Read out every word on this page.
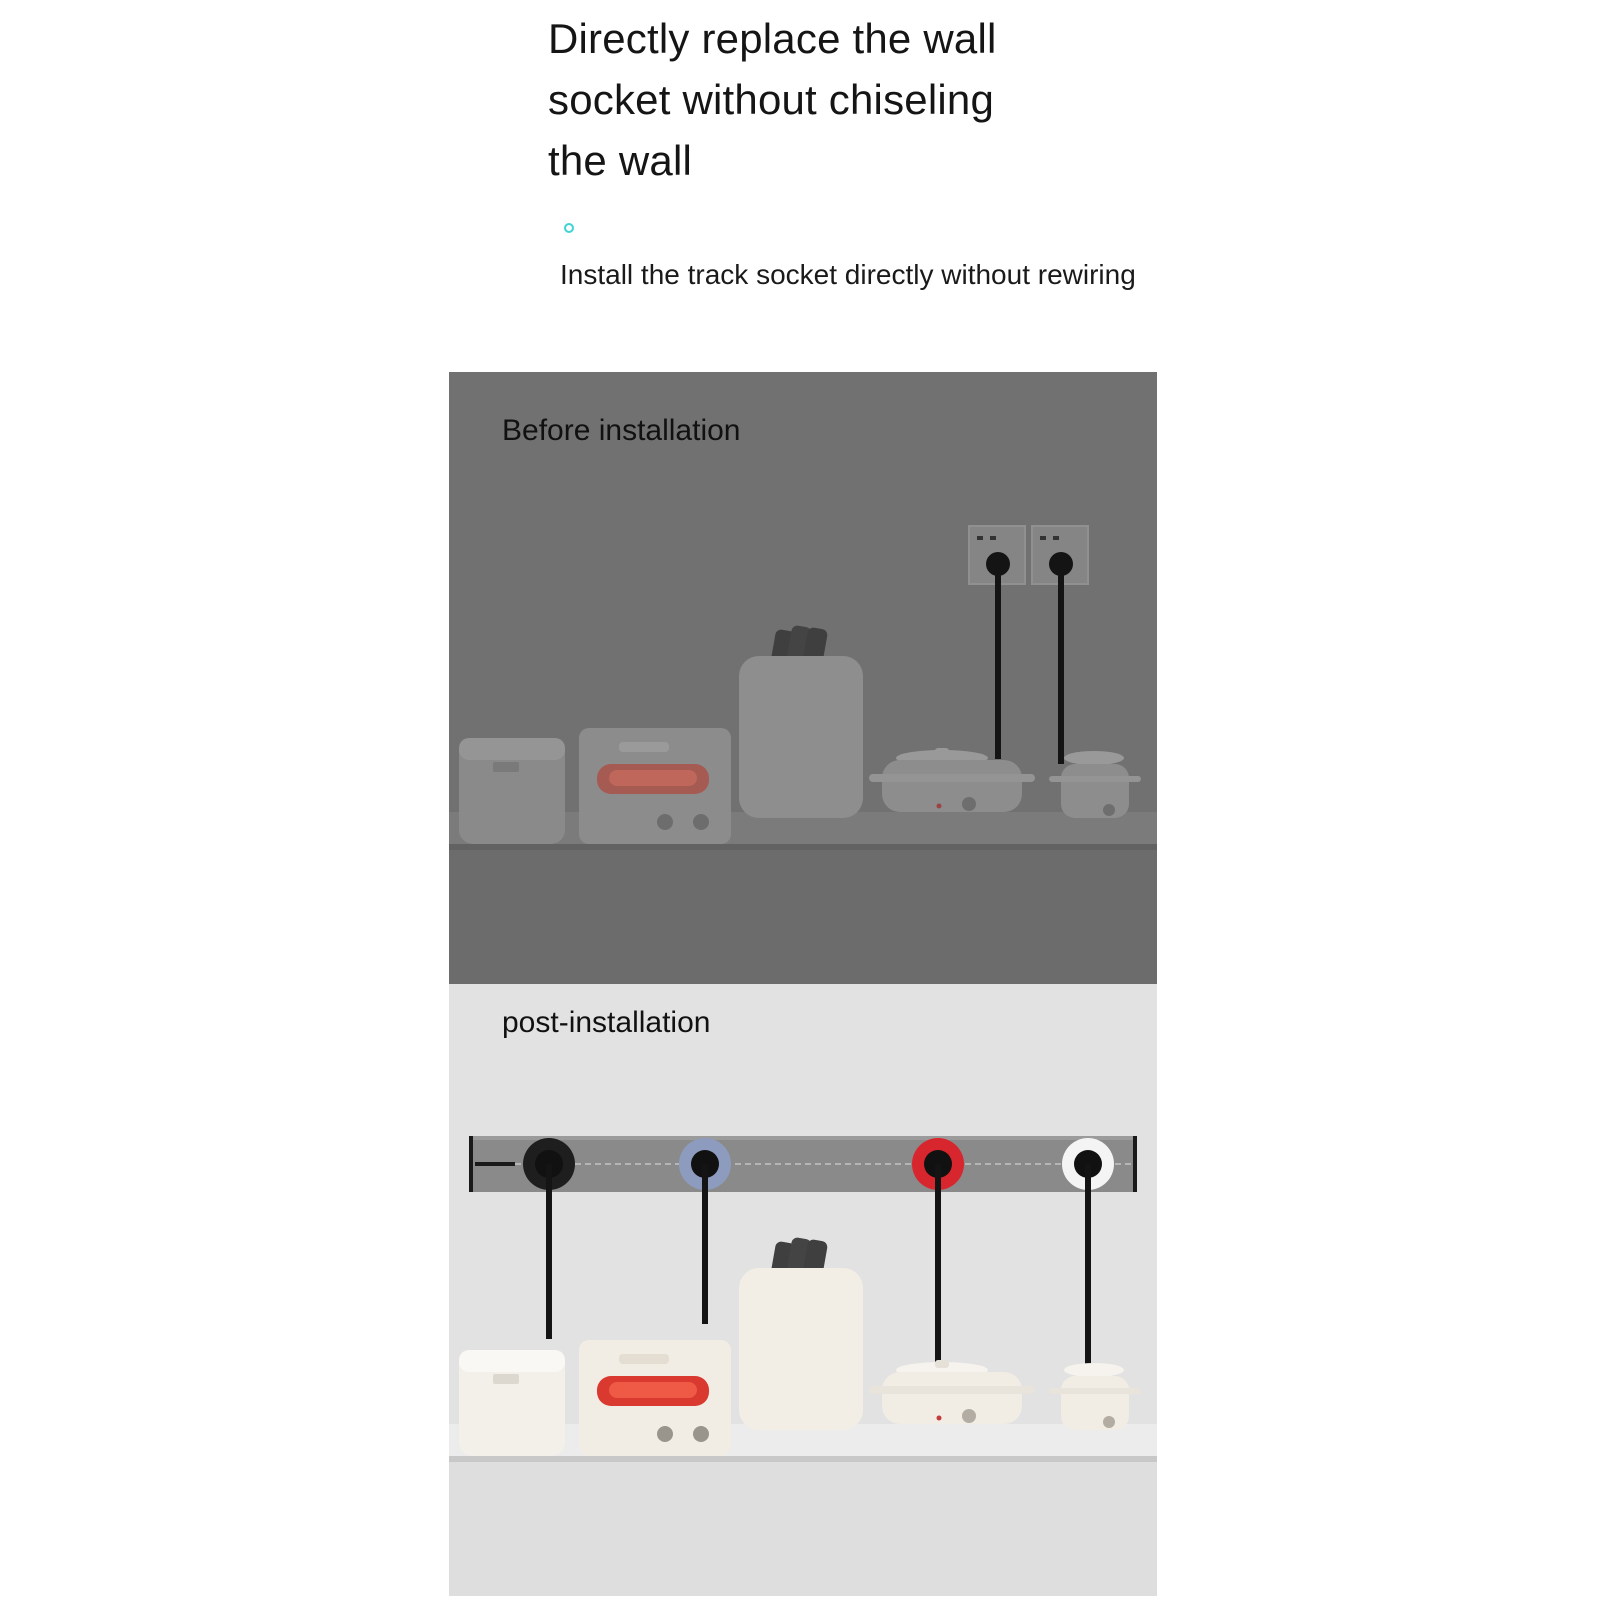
Directly replace the wall
socket without chiseling
the wall

Install the track socket directly without rewiring

Before installation

post-installation
